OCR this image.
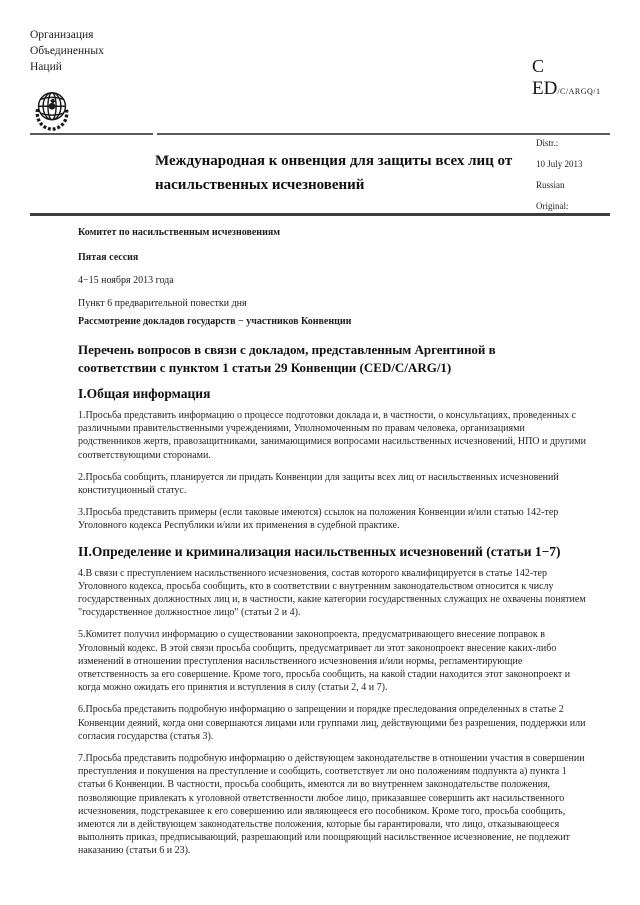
Организация
Объединенных
Наций	C
ED/C/ARGQ/1
Distr.:
10 July 2013
Russian
Original:
Международная к онвенция для защиты всех лиц от насильственных исчезновений
Комитет по насильственным исчезновениям
Пятая сессия
4−15 ноября 2013 года
Пункт 6 предварительной повестки дня
Рассмотрение докладов государств − участников Конвенции
Перечень вопросов в связи с докладом, представленным Аргентиной в соответствии с пунктом 1 статьи 29 Конвенции (CED/C/ARG/1)
I.Общая информация

1.Просьба представить информацию о процессе подготовки доклада и, в частности, о консультациях, проведенных с различными правительственными учреждениями, Уполномоченным по правам человека, организациями родственников жертв, правозащитниками, занимающимися вопросами насильственных исчезновений, НПО и другими соответствующими сторонами.

2.Просьба сообщить, планируется ли придать Конвенции для защиты всех лиц от насильственных исчезновений конституционный статус.

3.Просьба представить примеры (если таковые имеются) ссылок на положения Конвенции и/или статью 142-тер Уголовного кодекса Республики и/или их применения в судебной практике.

II.Определение и криминализация насильственных исчезновений (статьи 1−7)

4.В связи с преступлением насильственного исчезновения, состав которого квалифицируется в статье 142-тер Уголовного кодекса, просьба сообщить, кто в соответствии с внутренним законодательством относится к числу государственных должностных лиц и, в частности, какие категории государственных служащих не охвачены понятием "государственное должностное лицо" (статьи 2 и 4).

5.Комитет получил информацию о существовании законопроекта, предусматривающего внесение поправок в Уголовный кодекс. В этой связи просьба сообщить, предусматривает ли этот законопроект внесение каких-либо изменений в отношении преступления насильственного исчезновения и/или нормы, регламентирующие ответственность за его совершение. Кроме того, просьба сообщить, на какой стадии находится этот законопроект и когда можно ожидать его принятия и вступления в силу (статьи 2, 4 и 7).

6.Просьба представить подробную информацию о запрещении и порядке преследования определенных в статье 2 Конвенции деяний, когда они совершаются лицами или группами лиц, действующими без разрешения, поддержки или согласия государства (статья 3).

7.Просьба представить подробную информацию о действующем законодательстве в отношении участия в совершении преступления и покушения на преступление и сообщить, соответствует ли оно положениям подпункта a) пункта 1 статьи 6 Конвенции. В частности, просьба сообщить, имеются ли во внутреннем законодательстве положения, позволяющие привлекать к уголовной ответственности любое лицо, приказавшее совершить акт насильственного исчезновения, подстрекавшее к его совершению или являющееся его пособником. Кроме того, просьба сообщить, имеются ли в действующем законодательстве положения, которые бы гарантировали, что лицо, отказывающееся выполнять приказ, предписывающий, разрешающий или поощряющий насильственное исчезновение, не подлежит наказанию (статьи 6 и 23).
